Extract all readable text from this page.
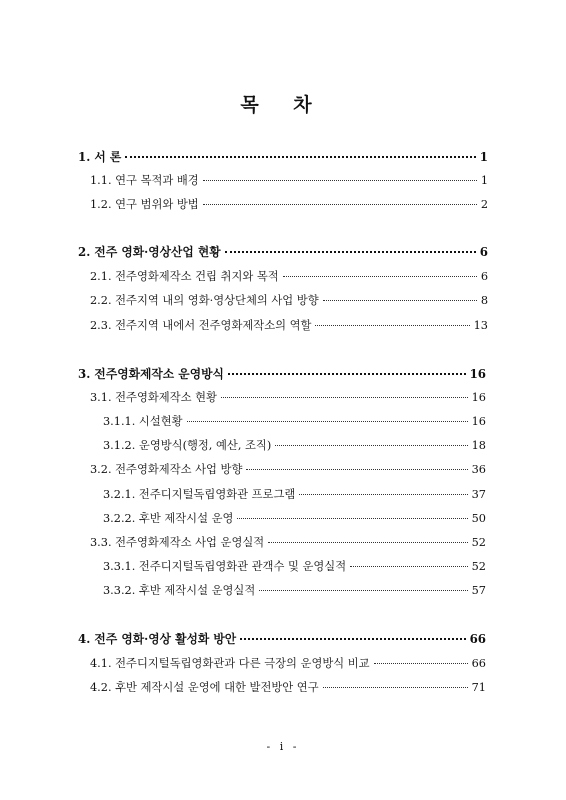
목 차
1. 서 론	1
1.1. 연구 목적과 배경	1
1.2. 연구 범위와 방법	2
2. 전주 영화·영상산업 현황	6
2.1. 전주영화제작소 건립 취지와 목적	6
2.2. 전주지역 내의 영화·영상단체의 사업 방향	8
2.3. 전주지역 내에서 전주영화제작소의 역할	13
3. 전주영화제작소 운영방식	16
3.1. 전주영화제작소 현황	16
3.1.1. 시설현황	16
3.1.2. 운영방식(행정, 예산, 조직)	18
3.2. 전주영화제작소 사업 방향	36
3.2.1. 전주디지털독립영화관 프로그램	37
3.2.2. 후반 제작시설 운영	50
3.3. 전주영화제작소 사업 운영실적	52
3.3.1. 전주디지털독립영화관 관객수 및 운영실적	52
3.3.2. 후반 제작시설 운영실적	57
4. 전주 영화·영상 활성화 방안	66
4.1. 전주디지털독립영화관과 다른 극장의 운영방식 비교	66
4.2. 후반 제작시설 운영에 대한 발전방안 연구	71
- i -
